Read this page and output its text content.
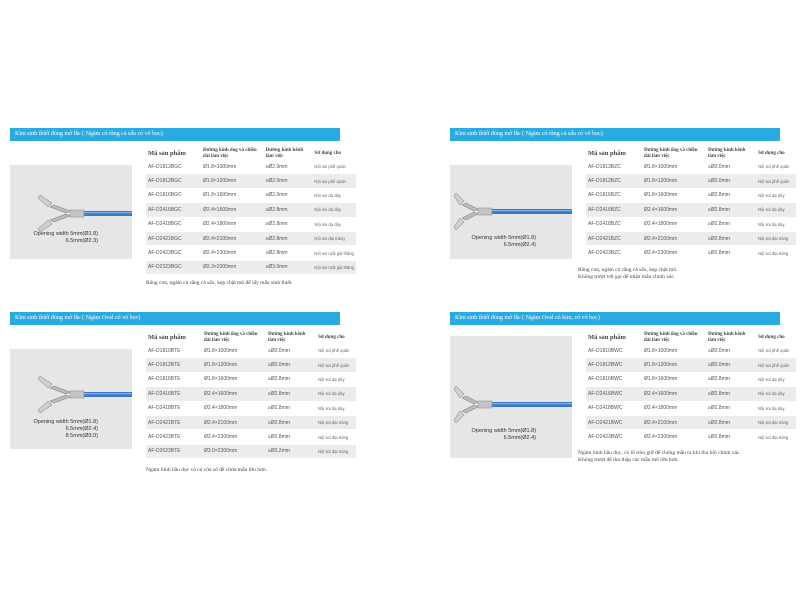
Kìm sinh thiết đóng mở lắc ( Ngàm có răng cá sấu có vỏ bọc)
Opening width 5mm(Ø1.8)
6.5mm(Ø2.3)
Mã sản phẩm	Đường kính ống và chiều dài làm việc	Đường kính kênh làm việc	Sử dụng cho
AF-D1813BGC	Ø1.8×1000mm	≥Ø2.0mm	Nội soi phế quản
AF-D1812BGC	Ø1.8×1200mm	≥Ø2.0mm	Nội soi phế quản
AF-D1816BGC	Ø1.8×1600mm	≥Ø2.0mm	Nội soi dạ dày
AF-D2416BGC	Ø2.4×1600mm	≥Ø2.8mm	Nội soi dạ dày
AF-D2418BGC	Ø2.4×1800mm	≥Ø2.8mm	Nội soi dạ dày
AF-D2421BGC	Ø2.4×2100mm	≥Ø2.8mm	Nội soi đại tràng
AF-D2423BGC	Ø2.4×2300mm	≥Ø2.8mm	Nội soi ruột già thăng
AF-D2323BGC	Ø2.3×2300mm	≥Ø3.0mm	Nội soi ruột già thăng
Răng cưa, ngàm có răng cá sấu, kẹp chặt mô để lấy mẫu sinh thiết.
Kìm sinh thiết đóng mở lắc ( Ngàm có răng cá sấu có vỏ bọc)
Opening width 5mm(Ø1.8)
6.5mm(Ø2.4)
Mã sản phẩm	Đường kính ống và chiều dài làm việc	Đường kính kênh làm việc	Sử dụng cho
AF-D1813BZC	Ø1.8×1000mm	≥Ø2.0mm	Nội soi phế quản
AF-D1812BZC	Ø1.8×1200mm	≥Ø2.0mm	Nội soi phế quản
AF-D1816BZC	Ø1.8×1600mm	≥Ø2.8mm	Nội soi dạ dày
AF-D2416BZC	Ø2.4×1600mm	≥Ø2.8mm	Nội soi dạ dày
AF-D2418BZC	Ø2.4×1800mm	≥Ø2.8mm	Nội soi dạ dày
AF-D2421BZC	Ø2.4×2100mm	≥Ø2.8mm	Nội soi đại tràng
AF-D2423BZC	Ø2.4×2300mm	≥Ø2.8mm	Nội soi đại tràng
Răng cưa, ngàm có răng cá sấu, kẹp chặt mô.
Không trượt với gai để nhận mẫu chính xác.
Kìm sinh thiết đóng mở lắc ( Ngàm Oval có vỏ bọc)
Opening width 5mm(Ø1.8)
6.5mm(Ø2.4)
8.5mm(Ø3.0)
Mã sản phẩm	Đường kính ống và chiều dài làm việc	Đường kính kênh làm việc	Sử dụng cho
AF-D1810BTE	Ø1.8×1000mm	≥Ø2.0mm	Nội soi phế quản
AF-D1812BTE	Ø1.8×1200mm	≥Ø2.0mm	Nội soi phế quản
AF-D1816BTE	Ø1.8×1600mm	≥Ø2.8mm	Nội soi dạ dày
AF-D2416BTE	Ø2.4×1600mm	≥Ø2.8mm	Nội soi dạ dày
AF-D2418BTE	Ø2.4×1800mm	≥Ø2.8mm	Nội soi dạ dày
AF-D2421BTE	Ø2.4×2100mm	≥Ø2.8mm	Nội soi đại tràng
AF-D2423BTE	Ø2.4×2300mm	≥Ø2.8mm	Nội soi đại tràng
AF-D3023BTE	Ø3.0×2300mm	≥Ø3.2mm	Nội soi đại tràng
Ngàm hình bầu dục và có cửa sổ để chứa mẫu lớn hơn.
Kìm sinh thiết đóng mở lắc ( Ngàm Oval có kim, có vỏ bọc)
Opening width 5mm(Ø1.8)
6.5mm(Ø2.4)
Mã sản phẩm	Đường kính ống và chiều dài làm việc	Đường kính kênh làm việc	Sử dụng cho
AF-D1810BWC	Ø1.8×1000mm	≥Ø2.0mm	Nội soi phế quản
AF-D1812BWC	Ø1.8×1200mm	≥Ø2.0mm	Nội soi phế quản
AF-D1816BWC	Ø1.8×1600mm	≥Ø2.8mm	Nội soi dạ dày
AF-D2416BWC	Ø2.4×1600mm	≥Ø2.8mm	Nội soi dạ dày
AF-D2418BWC	Ø2.4×1800mm	≥Ø2.8mm	Nội soi dạ dày
AF-D2421BWC	Ø2.4×2100mm	≥Ø2.8mm	Nội soi đại tràng
AF-D2423BWC	Ø2.4×2300mm	≥Ø2.8mm	Nội soi đại tràng
Ngàm hình bầu dục, có lỗ tròn giữ để chống mẫu ra khi thu hồi chính xác.
Không trượt để thu thập các mẫu mô lớn hơn.
